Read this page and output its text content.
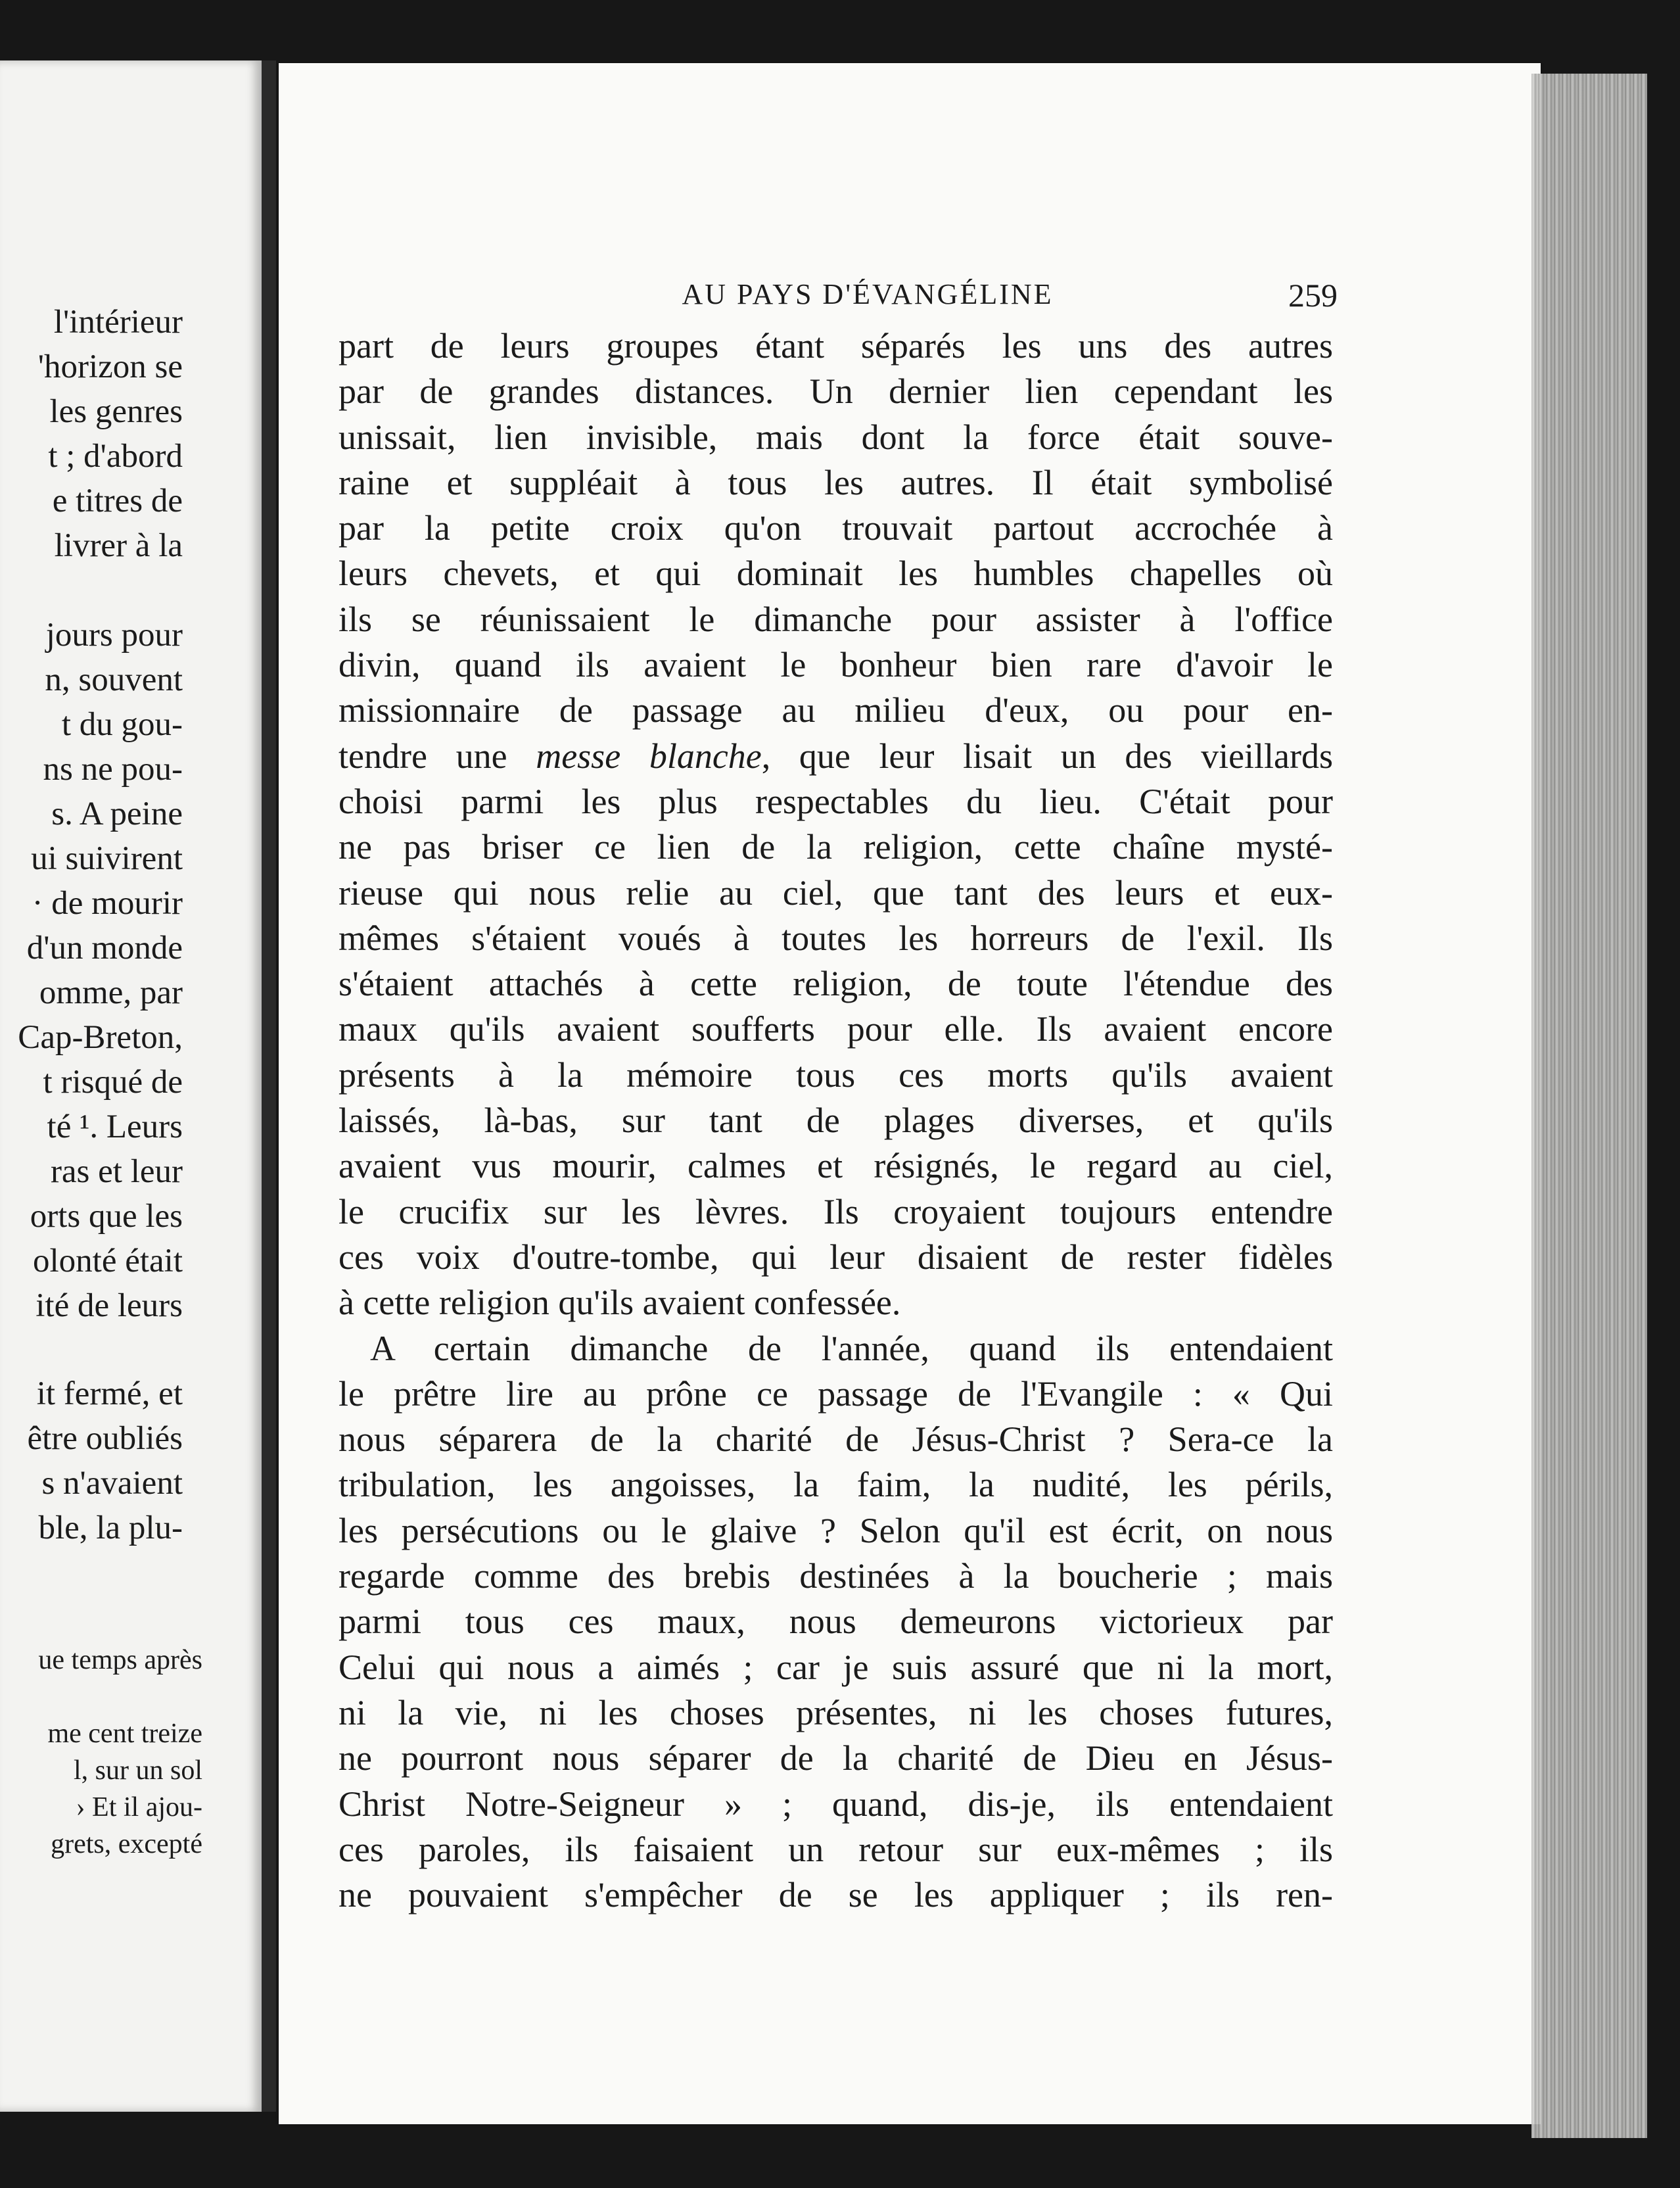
l'intérieur
'horizon se
les genres
t ; d'abord
e titres de
livrer à la
jours pour
n, souvent
t du gou-
ns ne pou-
s. A peine
ui suivirent
· de mourir
d'un monde
omme, par
Cap-Breton,
t risqué de
té ¹. Leurs
ras et leur
orts que les
olonté était
ité de leurs
it fermé, et
être oubliés
s n'avaient
ble, la plu-
ue temps après
me cent treize
l, sur un sol
› Et il ajou-
grets, excepté
AU PAYS D'ÉVANGÉLINE	259
part de leurs groupes étant séparés les uns des autres
par de grandes distances. Un dernier lien cependant les
unissait, lien invisible, mais dont la force était souve-
raine et suppléait à tous les autres. Il était symbolisé
par la petite croix qu'on trouvait partout accrochée à
leurs chevets, et qui dominait les humbles chapelles où
ils se réunissaient le dimanche pour assister à l'office
divin, quand ils avaient le bonheur bien rare d'avoir le
missionnaire de passage au milieu d'eux, ou pour en-
tendre une messe blanche, que leur lisait un des vieillards
choisi parmi les plus respectables du lieu. C'était pour
ne pas briser ce lien de la religion, cette chaîne mysté-
rieuse qui nous relie au ciel, que tant des leurs et eux-
mêmes s'étaient voués à toutes les horreurs de l'exil. Ils
s'étaient attachés à cette religion, de toute l'étendue des
maux qu'ils avaient soufferts pour elle. Ils avaient encore
présents à la mémoire tous ces morts qu'ils avaient
laissés, là-bas, sur tant de plages diverses, et qu'ils
avaient vus mourir, calmes et résignés, le regard au ciel,
le crucifix sur les lèvres. Ils croyaient toujours entendre
ces voix d'outre-tombe, qui leur disaient de rester fidèles
à cette religion qu'ils avaient confessée.
A certain dimanche de l'année, quand ils entendaient
le prêtre lire au prône ce passage de l'Evangile : « Qui
nous séparera de la charité de Jésus-Christ ? Sera-ce la
tribulation, les angoisses, la faim, la nudité, les périls,
les persécutions ou le glaive ? Selon qu'il est écrit, on nous
regarde comme des brebis destinées à la boucherie ; mais
parmi tous ces maux, nous demeurons victorieux par
Celui qui nous a aimés ; car je suis assuré que ni la mort,
ni la vie, ni les choses présentes, ni les choses futures,
ne pourront nous séparer de la charité de Dieu en Jésus-
Christ Notre-Seigneur » ; quand, dis-je, ils entendaient
ces paroles, ils faisaient un retour sur eux-mêmes ; ils
ne pouvaient s'empêcher de se les appliquer ; ils ren-
